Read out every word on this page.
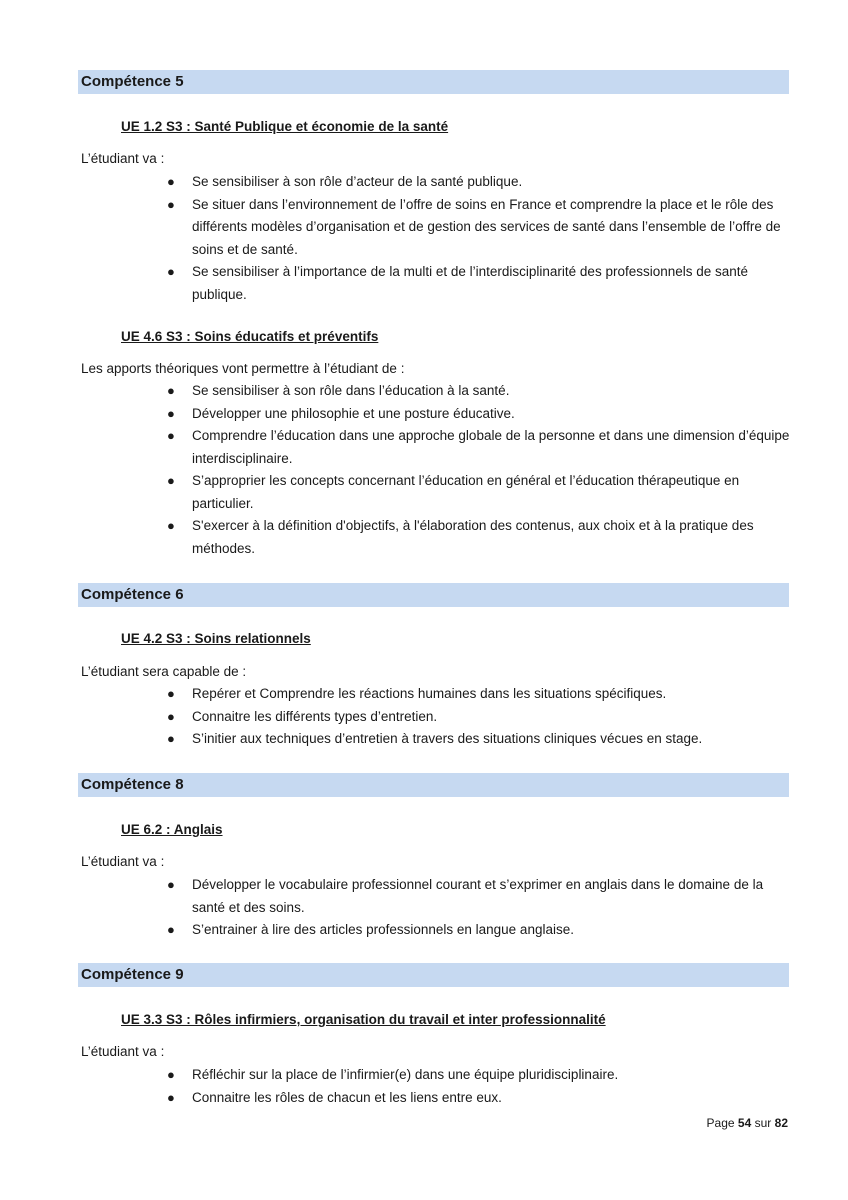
Compétence 5
UE 1.2 S3 : Santé Publique et économie de la santé
L’étudiant va :
● Se sensibiliser à son rôle d’acteur de la santé publique.
● Se situer dans l’environnement de l’offre de soins en France et comprendre la place et le rôle des différents modèles d’organisation et de gestion des services de santé dans l’ensemble de l’offre de soins et de santé.
● Se sensibiliser à l’importance de la multi et de l’interdisciplinarité des professionnels de santé publique.
UE 4.6 S3 : Soins éducatifs et préventifs
Les apports théoriques vont permettre à l’étudiant de :
● Se sensibiliser à son rôle dans l’éducation à la santé.
● Développer une philosophie et une posture éducative.
● Comprendre l’éducation dans une approche globale de la personne et dans une dimension d’équipe interdisciplinaire.
● S’approprier les concepts concernant l’éducation en général et l’éducation thérapeutique en particulier.
● S'exercer à la définition d'objectifs, à l'élaboration des contenus, aux choix et à la pratique des méthodes.
Compétence 6
UE 4.2 S3 : Soins relationnels
L’étudiant sera capable de :
● Repérer et Comprendre les réactions humaines dans les situations spécifiques.
● Connaitre les différents types d’entretien.
● S’initier aux techniques d’entretien à travers des situations cliniques vécues en stage.
Compétence 8
UE 6.2 : Anglais
L’étudiant va :
● Développer le vocabulaire professionnel courant et s’exprimer en anglais dans le domaine de la santé et des soins.
● S’entrainer à lire des articles professionnels en langue anglaise.
Compétence 9
UE 3.3 S3 : Rôles infirmiers, organisation du travail et inter professionnalité
L’étudiant va :
● Réfléchir sur la place de l’infirmier(e) dans une équipe pluridisciplinaire.
● Connaitre les rôles de chacun et les liens entre eux.
Page 54 sur 82
